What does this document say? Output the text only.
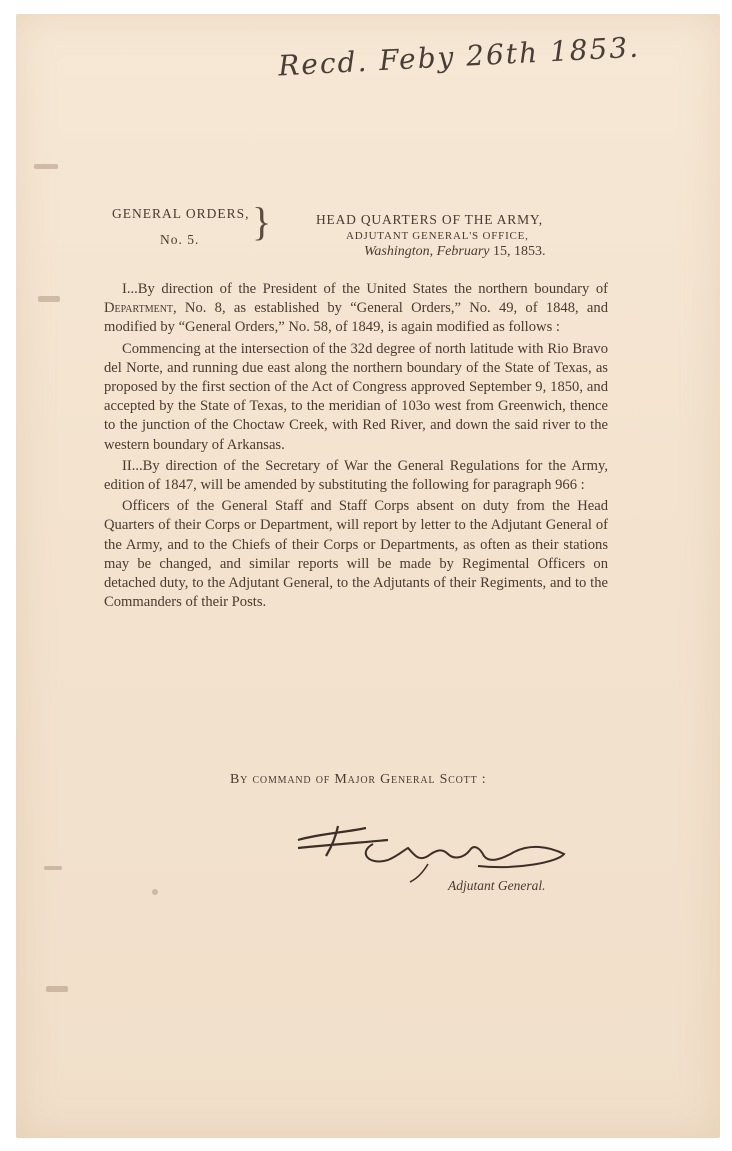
Recd. Feby 26th 1853.
GENERAL ORDERS,
No. 5.	}	HEAD QUARTERS OF THE ARMY,
ADJUTANT GENERAL'S OFFICE,
Washington, February 15, 1853.

I...By direction of the President of the United States the northern boundary of Department, No. 8, as established by “General Orders,” No. 49, of 1848, and modified by “General Orders,” No. 58, of 1849, is again modified as follows :

Commencing at the intersection of the 32d degree of north latitude with Rio Bravo del Norte, and running due east along the northern boundary of the State of Texas, as proposed by the first section of the Act of Congress approved September 9, 1850, and accepted by the State of Texas, to the meridian of 103o west from Greenwich, thence to the junction of the Choctaw Creek, with Red River, and down the said river to the western boundary of Arkansas.

II...By direction of the Secretary of War the General Regulations for the Army, edition of 1847, will be amended by substituting the following for paragraph 966 :

Officers of the General Staff and Staff Corps absent on duty from the Head Quarters of their Corps or Department, will report by letter to the Adjutant General of the Army, and to the Chiefs of their Corps or Departments, as often as their stations may be changed, and similar reports will be made by Regimental Officers on detached duty, to the Adjutant General, to the Adjutants of their Regiments, and to the Commanders of their Posts.

By command of Major General Scott :
Adjutant General.
